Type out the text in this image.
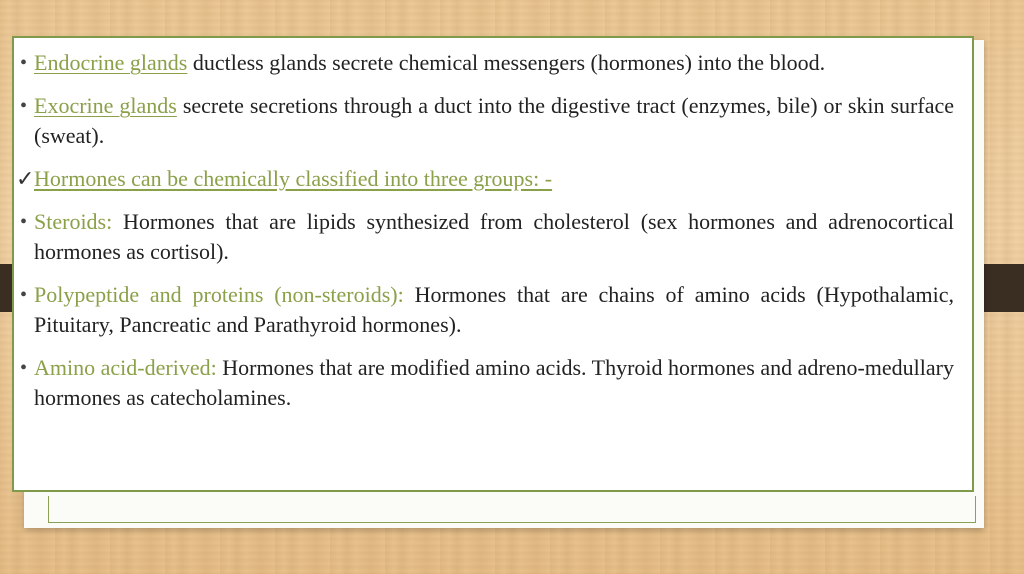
• Endocrine glands ductless glands secrete chemical messengers (hormones) into the blood.
• Exocrine glands secrete secretions through a duct into the digestive tract (enzymes, bile) or skin surface (sweat).
✓ Hormones can be chemically classified into three groups: -
• Steroids: Hormones that are lipids synthesized from cholesterol (sex hormones and adrenocortical hormones as cortisol).
• Polypeptide and proteins (non-steroids): Hormones that are chains of amino acids (Hypothalamic, Pituitary, Pancreatic and Parathyroid hormones).
• Amino acid-derived: Hormones that are modified amino acids. Thyroid hormones and adreno-medullary hormones as catecholamines.
